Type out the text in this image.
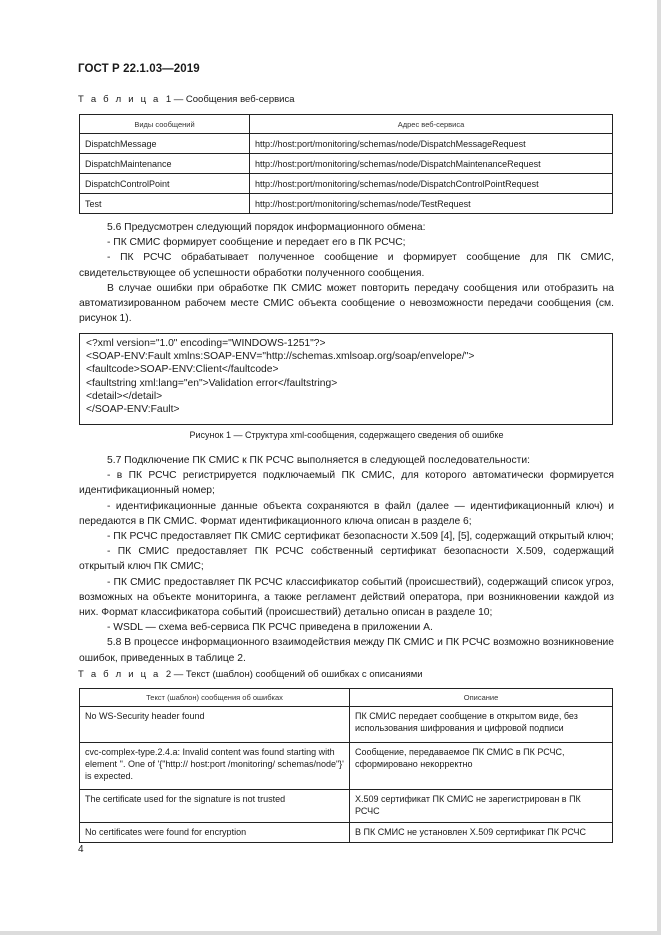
ГОСТ Р 22.1.03—2019
Т а б л и ц а 1 — Сообщения веб-сервиса
Виды сообщений	Адрес веб-сервиса
DispatchMessage	http://host:port/monitoring/schemas/node/DispatchMessageRequest
DispatchMaintenance	http://host:port/monitoring/schemas/node/DispatchMaintenanceRequest
DispatchControlPoint	http://host:port/monitoring/schemas/node/DispatchControlPointRequest
Test	http://host:port/monitoring/schemas/node/TestRequest

5.6 Предусмотрен следующий порядок информационного обмена:

- ПК СМИС формирует сообщение и передает его в ПК РСЧС;

- ПК РСЧС обрабатывает полученное сообщение и формирует сообщение для ПК СМИС, свидетельствующее об успешности обработки полученного сообщения.

В случае ошибки при обработке ПК СМИС может повторить передачу сообщения или отобразить на автоматизированном рабочем месте СМИС объекта сообщение о невозможности передачи сообщения (см. рисунок 1).

<?xml version="1.0" encoding="WINDOWS-1251"?>
<SOAP-ENV:Fault xmlns:SOAP-ENV="http://schemas.xmlsoap.org/soap/envelope/">
<faultcode>SOAP-ENV:Client</faultcode>
<faultstring xml:lang="en">Validation error</faultstring>
<detail></detail>
</SOAP-ENV:Fault>
Рисунок 1 — Структура xml-сообщения, содержащего сведения об ошибке

5.7 Подключение ПК СМИС к ПК РСЧС выполняется в следующей последовательности:

- в ПК РСЧС регистрируется подключаемый ПК СМИС, для которого автоматически формируется идентификационный номер;

- идентификационные данные объекта сохраняются в файл (далее — идентификационный ключ) и передаются в ПК СМИС. Формат идентификационного ключа описан в разделе 6;

- ПК РСЧС предоставляет ПК СМИС сертификат безопасности Х.509 [4], [5], содержащий открытый ключ;

- ПК СМИС предоставляет ПК РСЧС собственный сертификат безопасности Х.509, содержащий открытый ключ ПК СМИС;

- ПК СМИС предоставляет ПК РСЧС классификатор событий (происшествий), содержащий список угроз, возможных на объекте мониторинга, а также регламент действий оператора, при возникновении каждой из них. Формат классификатора событий (происшествий) детально описан в разделе 10;

- WSDL — схема веб-сервиса ПК РСЧС приведена в приложении А.

5.8 В процессе информационного взаимодействия между ПК СМИС и ПК РСЧС возможно возникновение ошибок, приведенных в таблице 2.

Т а б л и ц а 2 — Текст (шаблон) сообщений об ошибках с описаниями
Текст (шаблон) сообщения об ошибках	Описание
No WS-Security header found	ПК СМИС передает сообщение в открытом виде, без использования шифрования и цифровой подписи
cvc-complex-type.2.4.a: Invalid content was found starting with element ''. One of '{"http:// host:port /monitoring/ schemas/node"}' is expected.	Сообщение, передаваемое ПК СМИС в ПК РСЧС, сформировано некорректно
The certificate used for the signature is not trusted	X.509 сертификат ПК СМИС не зарегистрирован в ПК РСЧС
No certificates were found for encryption	В ПК СМИС не установлен X.509 сертификат ПК РСЧС
4
